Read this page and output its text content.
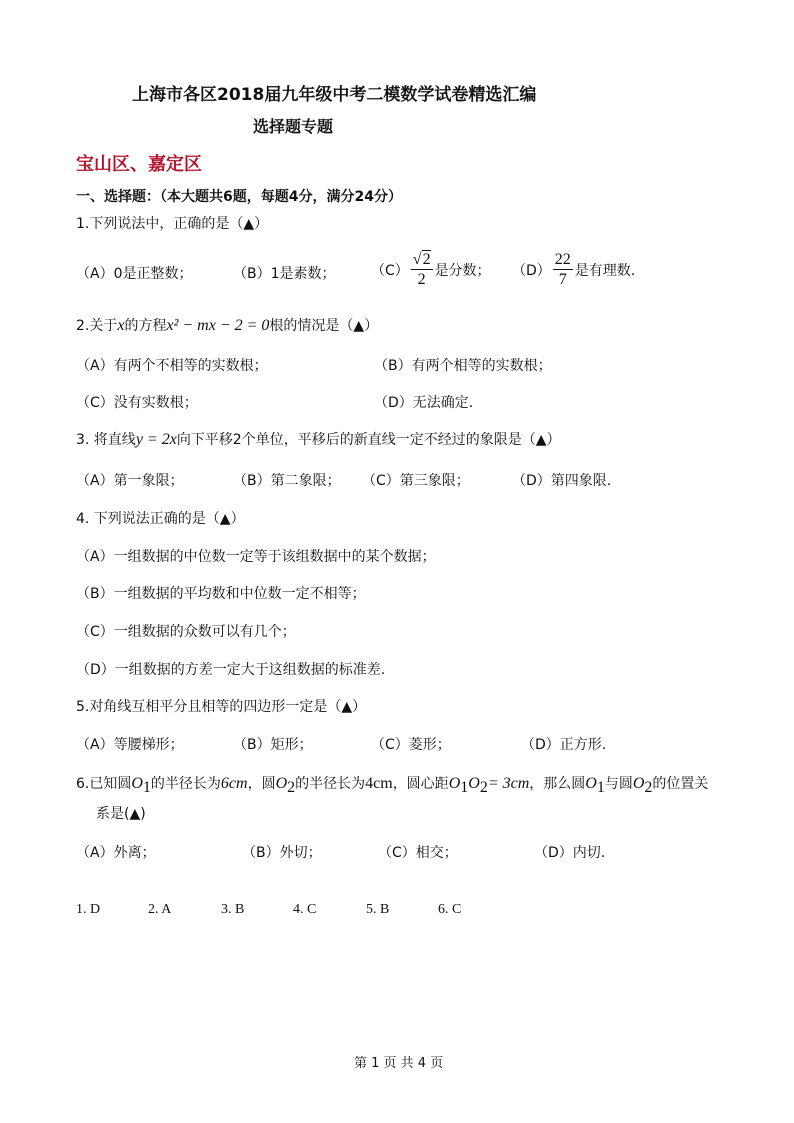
上海市各区2018届九年级中考二模数学试卷精选汇编
选择题专题
宝山区、嘉定区
一、选择题：（本大题共6题，每题4分，满分24分）
1.下列说法中，正确的是（▲）
（A）0是正整数；	（B）1是素数；	$(C) \frac{√2}{2}$ 是分数； $(D) \frac{22}{7}$ 是有理数.
2.关于x的方程x² − mx − 2 = 0根的情况是（▲）
（A）有两个不相等的实数根；	（B）有两个相等的实数根；
（C）没有实数根；	（D）无法确定.
3. 将直线y = 2x向下平移2个单位，平移后的新直线一定不经过的象限是（▲）
（A）第一象限；	（B）第二象限； （C）第三象限；	（D）第四象限.
4. 下列说法正确的是（▲）
（A）一组数据的中位数一定等于该组数据中的某个数据；
（B）一组数据的平均数和中位数一定不相等；
（C）一组数据的众数可以有几个；
（D）一组数据的方差一定大于这组数据的标准差.
5.对角线互相平分且相等的四边形一定是（▲）
（A）等腰梯形；	（B）矩形；	（C）菱形；	（D）正方形.
6.已知圆$O_1$的半径长为6cm，圆$O_2$的半径长为4cm，圆心距$O_1O_2= 3cm$，那么圆$O_1$与圆$O_2$的位置关
系是(▲)
（A）外离；	（B）外切；	（C）相交；	（D）内切.
1. D	2. A	3. B	4. C	5. B	6. C
第 1 页 共 4 页
